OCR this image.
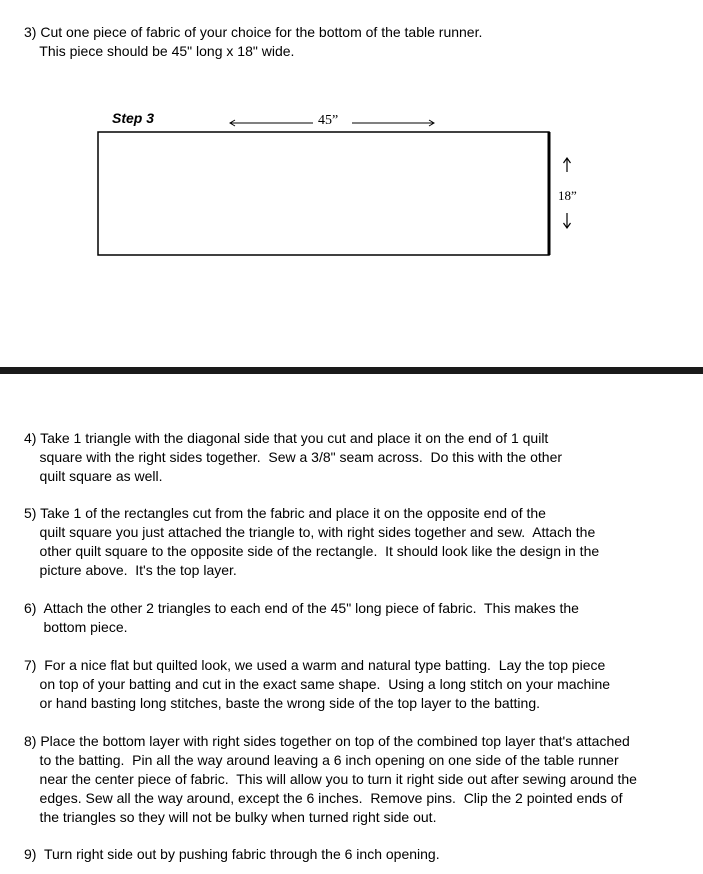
3) Cut one piece of fabric of your choice for the bottom of the table runner.
This piece should be 45" long x 18" wide.

Step 3	45”
18”

4) Take 1 triangle with the diagonal side that you cut and place it on the end of 1 quilt
square with the right sides together.  Sew a 3/8" seam across.  Do this with the other
quilt square as well.

5) Take 1 of the rectangles cut from the fabric and place it on the opposite end of the
quilt square you just attached the triangle to, with right sides together and sew.  Attach the
other quilt square to the opposite side of the rectangle.  It should look like the design in the
picture above.  It's the top layer.

6)  Attach the other 2 triangles to each end of the 45" long piece of fabric.  This makes the
bottom piece.

7)  For a nice flat but quilted look, we used a warm and natural type batting.  Lay the top piece
on top of your batting and cut in the exact same shape.  Using a long stitch on your machine
or hand basting long stitches, baste the wrong side of the top layer to the batting.

8) Place the bottom layer with right sides together on top of the combined top layer that's attached
to the batting.  Pin all the way around leaving a 6 inch opening on one side of the table runner
near the center piece of fabric.  This will allow you to turn it right side out after sewing around the
edges. Sew all the way around, except the 6 inches.  Remove pins.  Clip the 2 pointed ends of
the triangles so they will not be bulky when turned right side out.

9)  Turn right side out by pushing fabric through the 6 inch opening.
